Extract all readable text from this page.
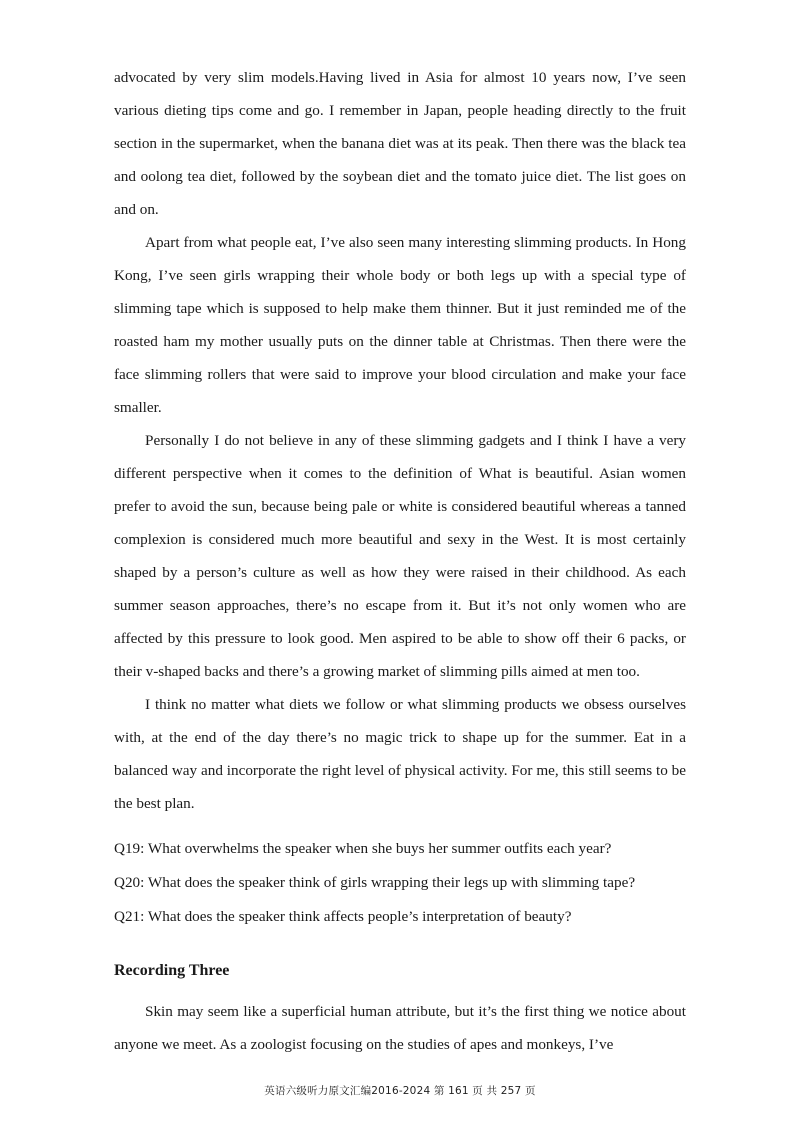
advocated by very slim models.Having lived in Asia for almost 10 years now, I’ve seen various dieting tips come and go. I remember in Japan, people heading directly to the fruit section in the supermarket, when the banana diet was at its peak. Then there was the black tea and oolong tea diet, followed by the soybean diet and the tomato juice diet. The list goes on and on.

Apart from what people eat, I’ve also seen many interesting slimming products. In Hong Kong, I’ve seen girls wrapping their whole body or both legs up with a special type of slimming tape which is supposed to help make them thinner. But it just reminded me of the roasted ham my mother usually puts on the dinner table at Christmas. Then there were the face slimming rollers that were said to improve your blood circulation and make your face smaller.

Personally I do not believe in any of these slimming gadgets and I think I have a very different perspective when it comes to the definition of What is beautiful. Asian women prefer to avoid the sun, because being pale or white is considered beautiful whereas a tanned complexion is considered much more beautiful and sexy in the West. It is most certainly shaped by a person’s culture as well as how they were raised in their childhood. As each summer season approaches, there’s no escape from it. But it’s not only women who are affected by this pressure to look good. Men aspired to be able to show off their 6 packs, or their v-shaped backs and there’s a growing market of slimming pills aimed at men too.

I think no matter what diets we follow or what slimming products we obsess ourselves with, at the end of the day there’s no magic trick to shape up for the summer. Eat in a balanced way and incorporate the right level of physical activity. For me, this still seems to be the best plan.

Q19: What overwhelms the speaker when she buys her summer outfits each year?

Q20: What does the speaker think of girls wrapping their legs up with slimming tape?

Q21: What does the speaker think affects people’s interpretation of beauty?

Recording Three

Skin may seem like a superficial human attribute, but it’s the first thing we notice about anyone we meet. As a zoologist focusing on the studies of apes and monkeys, I’ve

英语六级听力原文汇编2016-2024 第 161 页 共 257 页
